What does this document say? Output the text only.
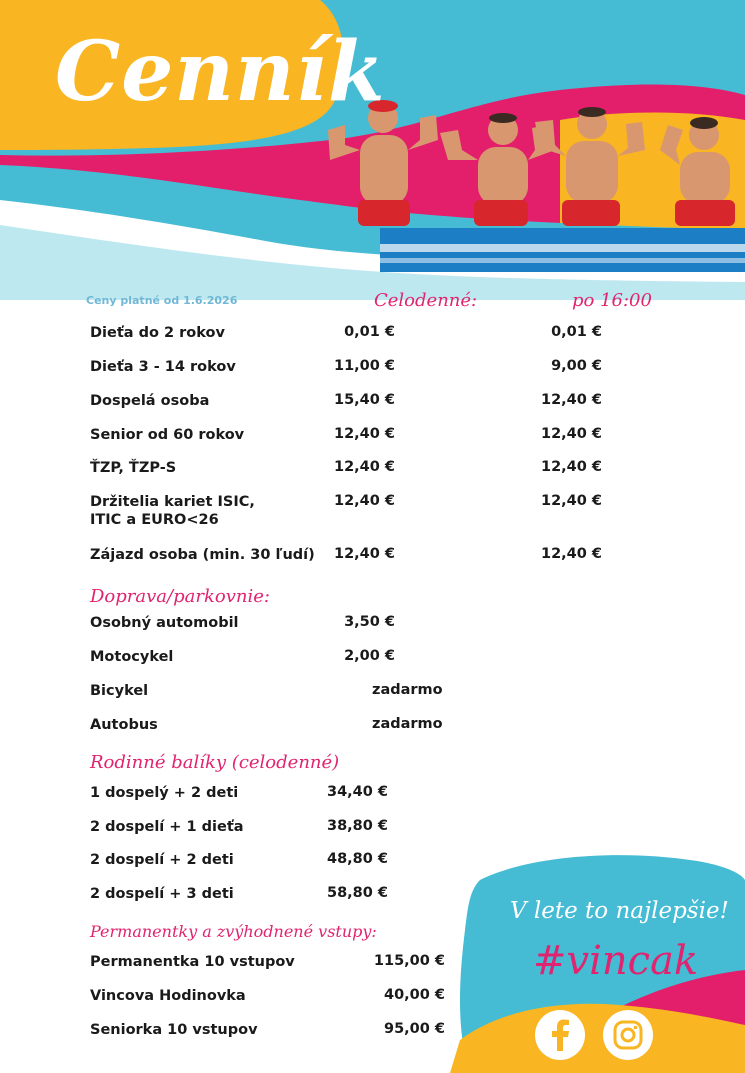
Cenník
Ceny platné od 1.6.2026	Celodenné:	po 16:00
Dieťa do 2 rokov	0,01 €	0,01 €
Dieťa 3 - 14 rokov	11,00 €	9,00 €
Dospelá osoba	15,40 €	12,40 €
Senior od 60 rokov	12,40 €	12,40 €
ŤZP, ŤZP-S	12,40 €	12,40 €
Držitelia kariet ISIC,
ITIC a EURO<26
12,40 €	12,40 €
Zájazd osoba (min. 30 ľudí) 12,40 €	12,40 €
Doprava/parkovnie:
Osobný automobil	3,50 €
Motocykel	2,00 €
Bicykel	zadarmo
Autobus	zadarmo
Rodinné balíky (celodenné)
1 dospelý + 2 deti	34,40 €
2 dospelí + 1 dieťa	38,80 €
2 dospelí + 2 deti	48,80 €
2 dospelí + 3 deti	58,80 €
V lete to najlepšie!
#vincak
Permanentky a zvýhodnené vstupy:
Permanentka 10 vstupov	115,00 €
Vincova Hodinovka	40,00 €
Seniorka 10 vstupov	95,00 €
